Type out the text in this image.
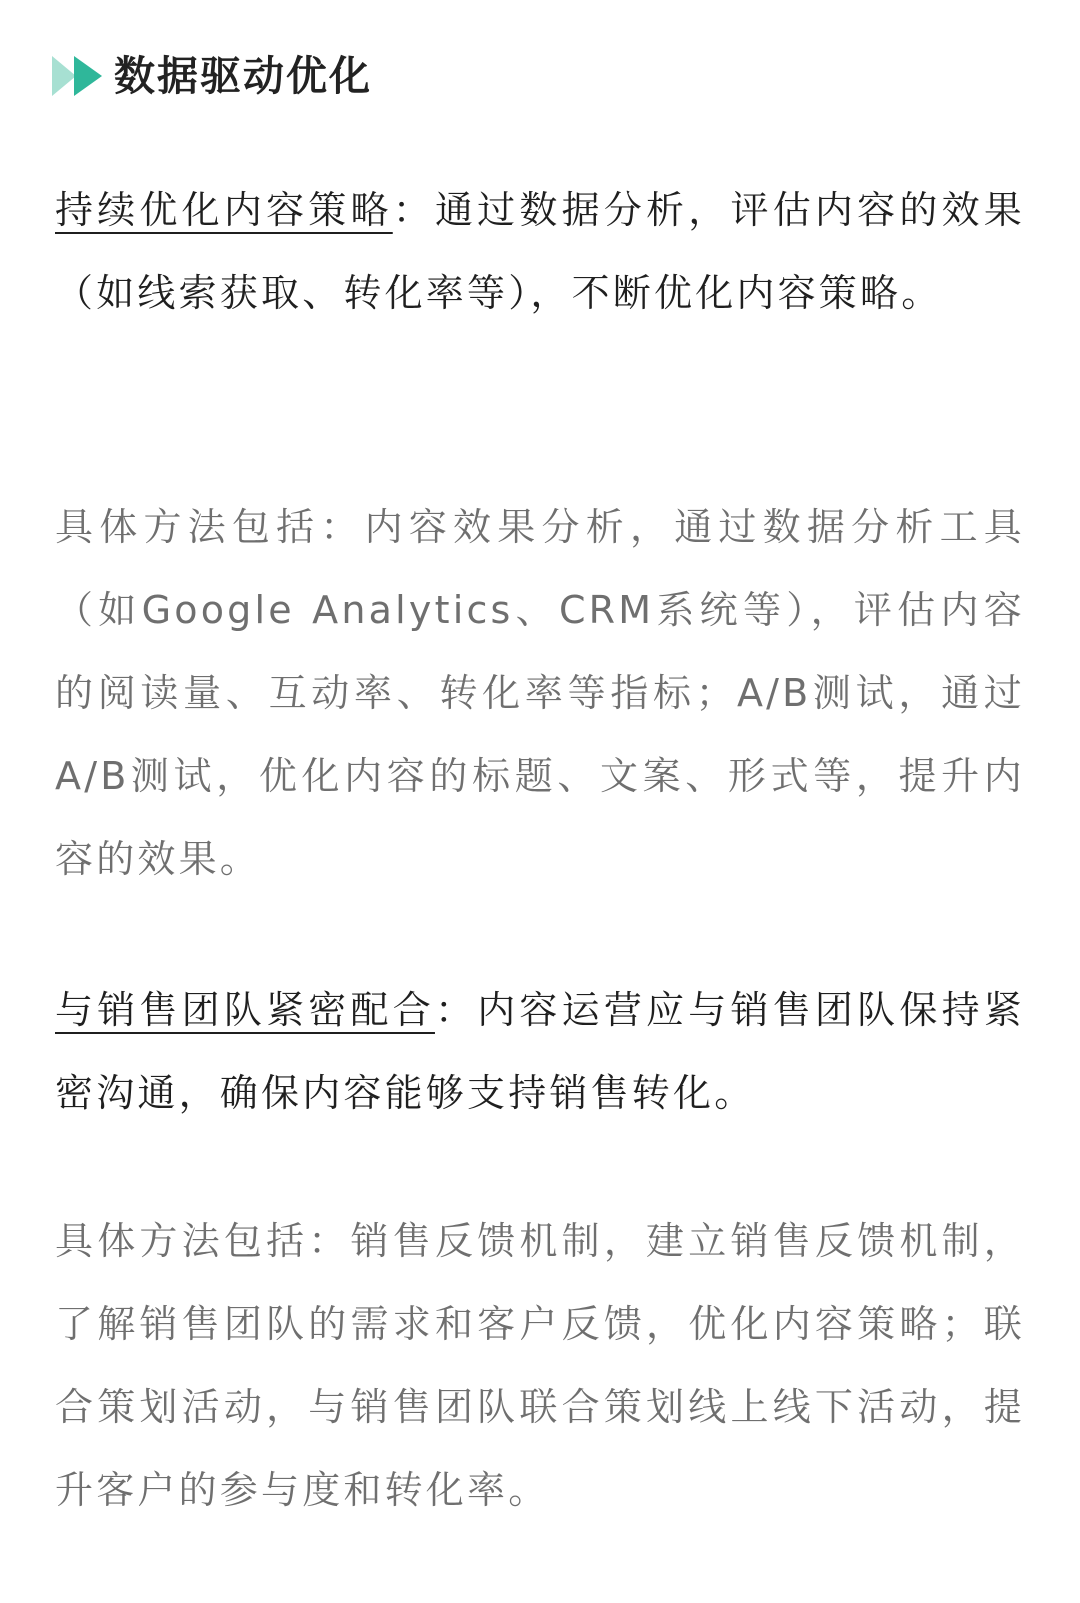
数据驱动优化

持续优化内容策略：通过数据分析，评估内容的效果（如线索获取、转化率等），不断优化内容策略。

具体方法包括：内容效果分析，通过数据分析工具（如Google Analytics、CRM系统等），评估内容的阅读量、互动率、转化率等指标；A/B测试，通过A/B测试，优化内容的标题、文案、形式等，提升内容的效果。

与销售团队紧密配合：内容运营应与销售团队保持紧密沟通，确保内容能够支持销售转化。

具体方法包括：销售反馈机制，建立销售反馈机制，了解销售团队的需求和客户反馈，优化内容策略；联合策划活动，与销售团队联合策划线上线下活动，提升客户的参与度和转化率。
